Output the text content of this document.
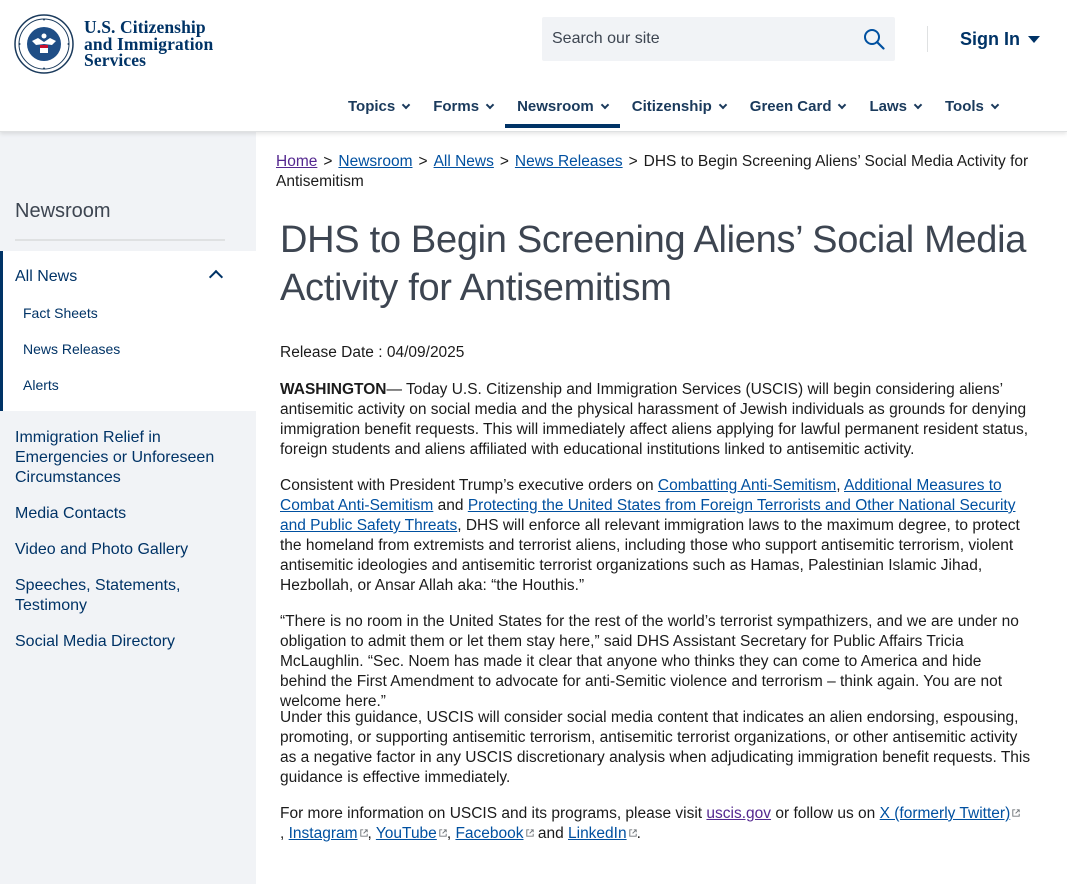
U.S. Citizenship
and Immigration
Services
Search our site
Sign In
Topics	Forms	Newsroom	Citizenship	Green Card	Laws	Tools
Newsroom
All News
Fact Sheets
News Releases
Alerts
Immigration Relief in Emergencies or Unforeseen Circumstances
Media Contacts
Video and Photo Gallery
Speeches, Statements, Testimony
Social Media Directory
Home > Newsroom > All News > News Releases > DHS to Begin Screening Aliens’ Social Media Activity for Antisemitism
DHS to Begin Screening Aliens’ Social Media Activity for Antisemitism
Release Date : 04/09/2025

WASHINGTON— Today U.S. Citizenship and Immigration Services (USCIS) will begin considering aliens’ antisemitic activity on social media and the physical harassment of Jewish individuals as grounds for denying immigration benefit requests. This will immediately affect aliens applying for lawful permanent resident status, foreign students and aliens affiliated with educational institutions linked to antisemitic activity.

Consistent with President Trump’s executive orders on Combatting Anti-Semitism, Additional Measures to Combat Anti-Semitism and Protecting the United States from Foreign Terrorists and Other National Security and Public Safety Threats, DHS will enforce all relevant immigration laws to the maximum degree, to protect the homeland from extremists and terrorist aliens, including those who support antisemitic terrorism, violent antisemitic ideologies and antisemitic terrorist organizations such as Hamas, Palestinian Islamic Jihad, Hezbollah, or Ansar Allah aka: “the Houthis.”

“There is no room in the United States for the rest of the world’s terrorist sympathizers, and we are under no obligation to admit them or let them stay here,” said DHS Assistant Secretary for Public Affairs Tricia McLaughlin. “Sec. Noem has made it clear that anyone who thinks they can come to America and hide behind the First Amendment to advocate for anti-Semitic violence and terrorism – think again. You are not welcome here.”

Under this guidance, USCIS will consider social media content that indicates an alien endorsing, espousing, promoting, or supporting antisemitic terrorism, antisemitic terrorist organizations, or other antisemitic activity as a negative factor in any USCIS discretionary analysis when adjudicating immigration benefit requests. This guidance is effective immediately.

For more information on USCIS and its programs, please visit uscis.gov or follow us on X (formerly Twitter)
, Instagram , YouTube , Facebook and LinkedIn .
